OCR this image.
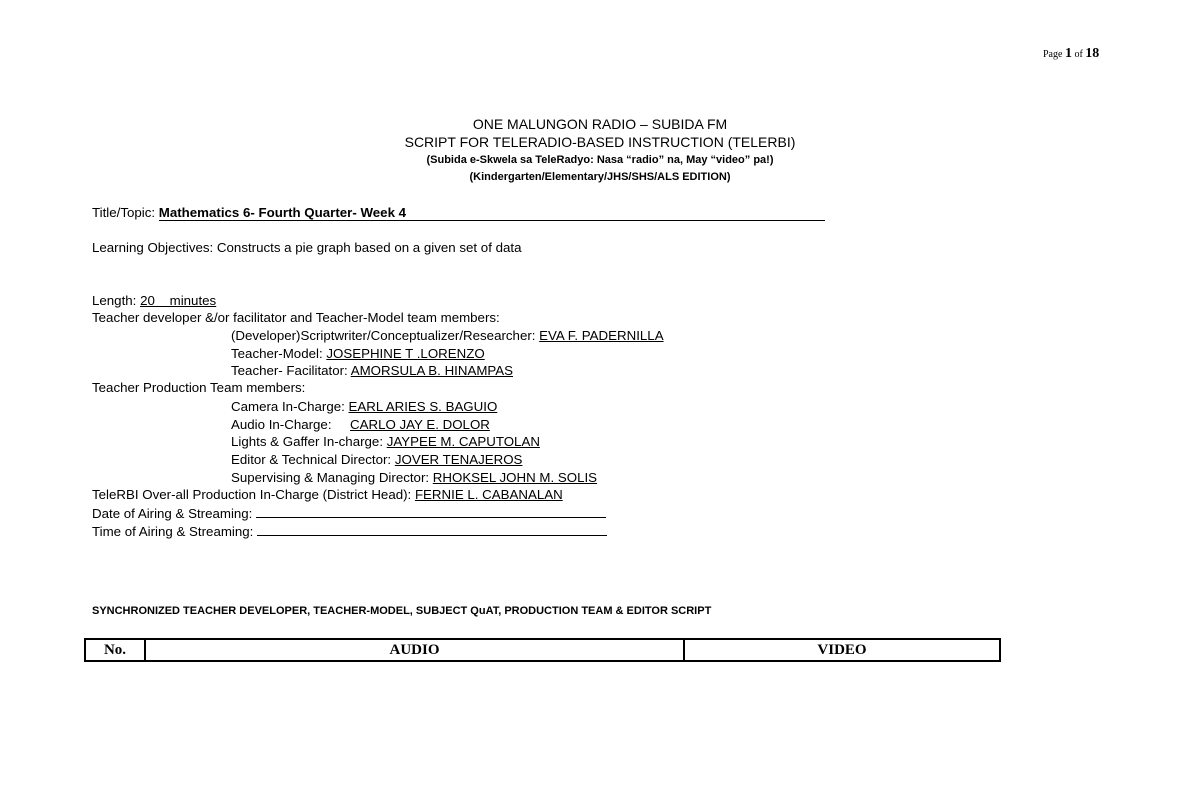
Page 1 of 18
ONE MALUNGON RADIO – SUBIDA FM
SCRIPT FOR TELERADIO-BASED INSTRUCTION (TELERBI)
(Subida e-Skwela sa TeleRadyo: Nasa “radio” na, May “video” pa!)
(Kindergarten/Elementary/JHS/SHS/ALS EDITION)
Title/Topic: Mathematics 6- Fourth Quarter- Week 4
Learning Objectives: Constructs a pie graph based on a given set of data
Length: 20    minutes
Teacher developer &/or facilitator and Teacher-Model team members:
(Developer)Scriptwriter/Conceptualizer/Researcher: EVA F. PADERNILLA
Teacher-Model: JOSEPHINE T .LORENZO
Teacher- Facilitator: AMORSULA B. HINAMPAS
Teacher Production Team members:
Camera In-Charge: EARL ARIES S. BAGUIO
Audio In-Charge:     CARLO JAY E. DOLOR
Lights & Gaffer In-charge: JAYPEE M. CAPUTOLAN
Editor & Technical Director: JOVER TENAJEROS
Supervising & Managing Director: RHOKSEL JOHN M. SOLIS
TeleRBI Over-all Production In-Charge (District Head): FERNIE L. CABANALAN
Date of Airing & Streaming:
Time of Airing & Streaming:
SYNCHRONIZED TEACHER DEVELOPER, TEACHER-MODEL, SUBJECT QuAT, PRODUCTION TEAM & EDITOR SCRIPT
No.	AUDIO	VIDEO
